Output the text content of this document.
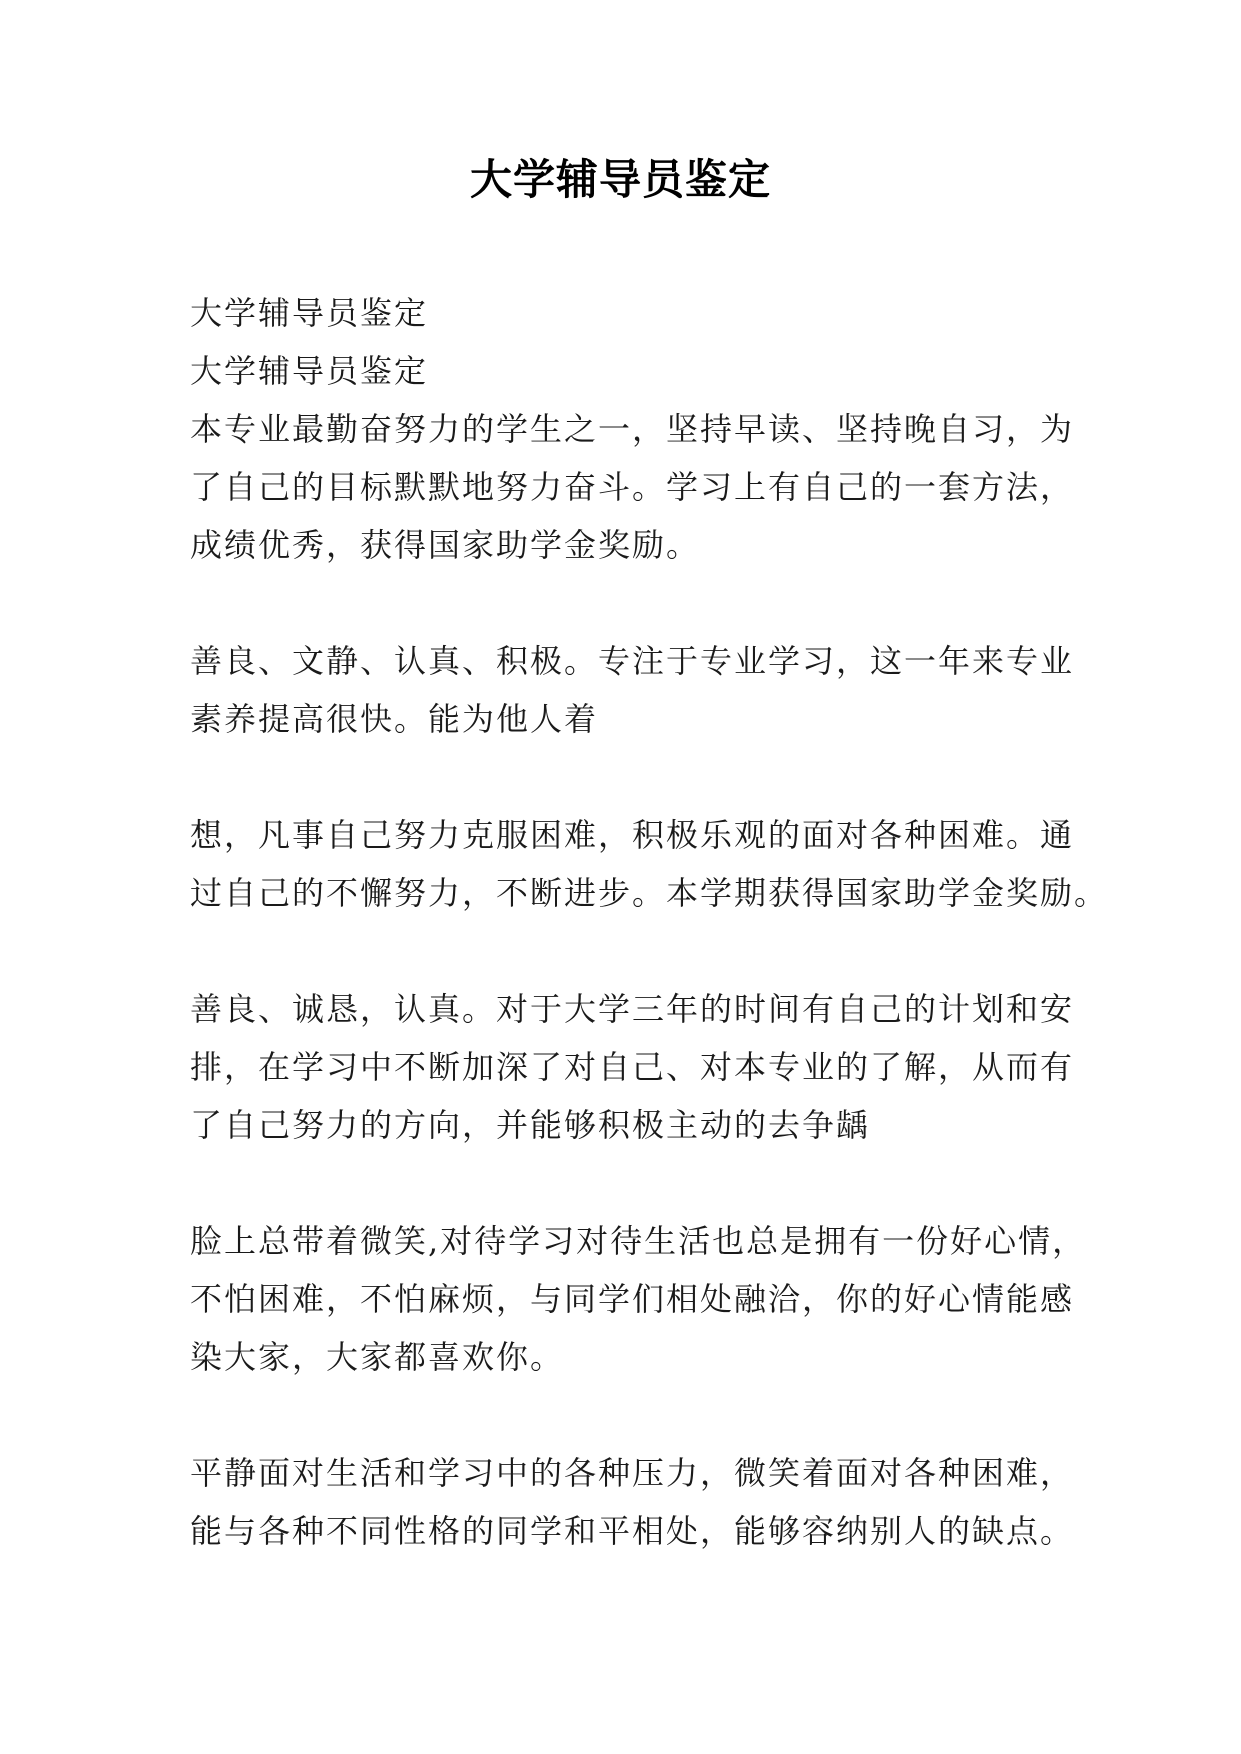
大学辅导员鉴定
大学辅导员鉴定
大学辅导员鉴定
本专业最勤奋努力的学生之一，坚持早读、坚持晚自习，为
了自己的目标默默地努力奋斗。学习上有自己的一套方法，
成绩优秀，获得国家助学金奖励。
善良、文静、认真、积极。专注于专业学习，这一年来专业
素养提高很快。能为他人着
想，凡事自己努力克服困难，积极乐观的面对各种困难。通
过自己的不懈努力，不断进步。本学期获得国家助学金奖励。
善良、诚恳，认真。对于大学三年的时间有自己的计划和安
排，在学习中不断加深了对自己、对本专业的了解，从而有
了自己努力的方向，并能够积极主动的去争龋
脸上总带着微笑,对待学习对待生活也总是拥有一份好心情，
不怕困难，不怕麻烦，与同学们相处融洽，你的好心情能感
染大家，大家都喜欢你。
平静面对生活和学习中的各种压力，微笑着面对各种困难，
能与各种不同性格的同学和平相处，能够容纳别人的缺点。
